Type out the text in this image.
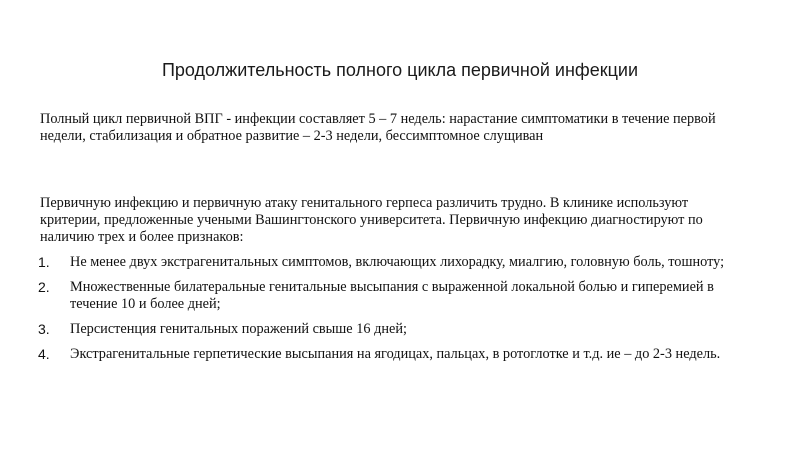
Продолжительность полного цикла первичной инфекции
Полный цикл первичной ВПГ - инфекции составляет 5 – 7 недель: нарастание симптоматики в течение первой недели, стабилизация и обратное развитие – 2-3 недели, бессимптомное слущиван
Первичную инфекцию и первичную атаку генитального герпеса различить трудно. В клинике используют критерии, предложенные учеными Вашингтонского университета. Первичную инфекцию диагностируют по наличию трех и более признаков:
1. Не менее двух экстрагенитальных симптомов, включающих лихорадку, миалгию, головную боль, тошноту;
2. Множественные билатеральные генитальные высыпания с выраженной локальной болью и гиперемией в течение 10 и более дней;
3. Персистенция генитальных поражений свыше 16 дней;
4. Экстрагенитальные герпетические высыпания на ягодицах, пальцах, в ротоглотке и т.д. ие – до 2-3 недель.
